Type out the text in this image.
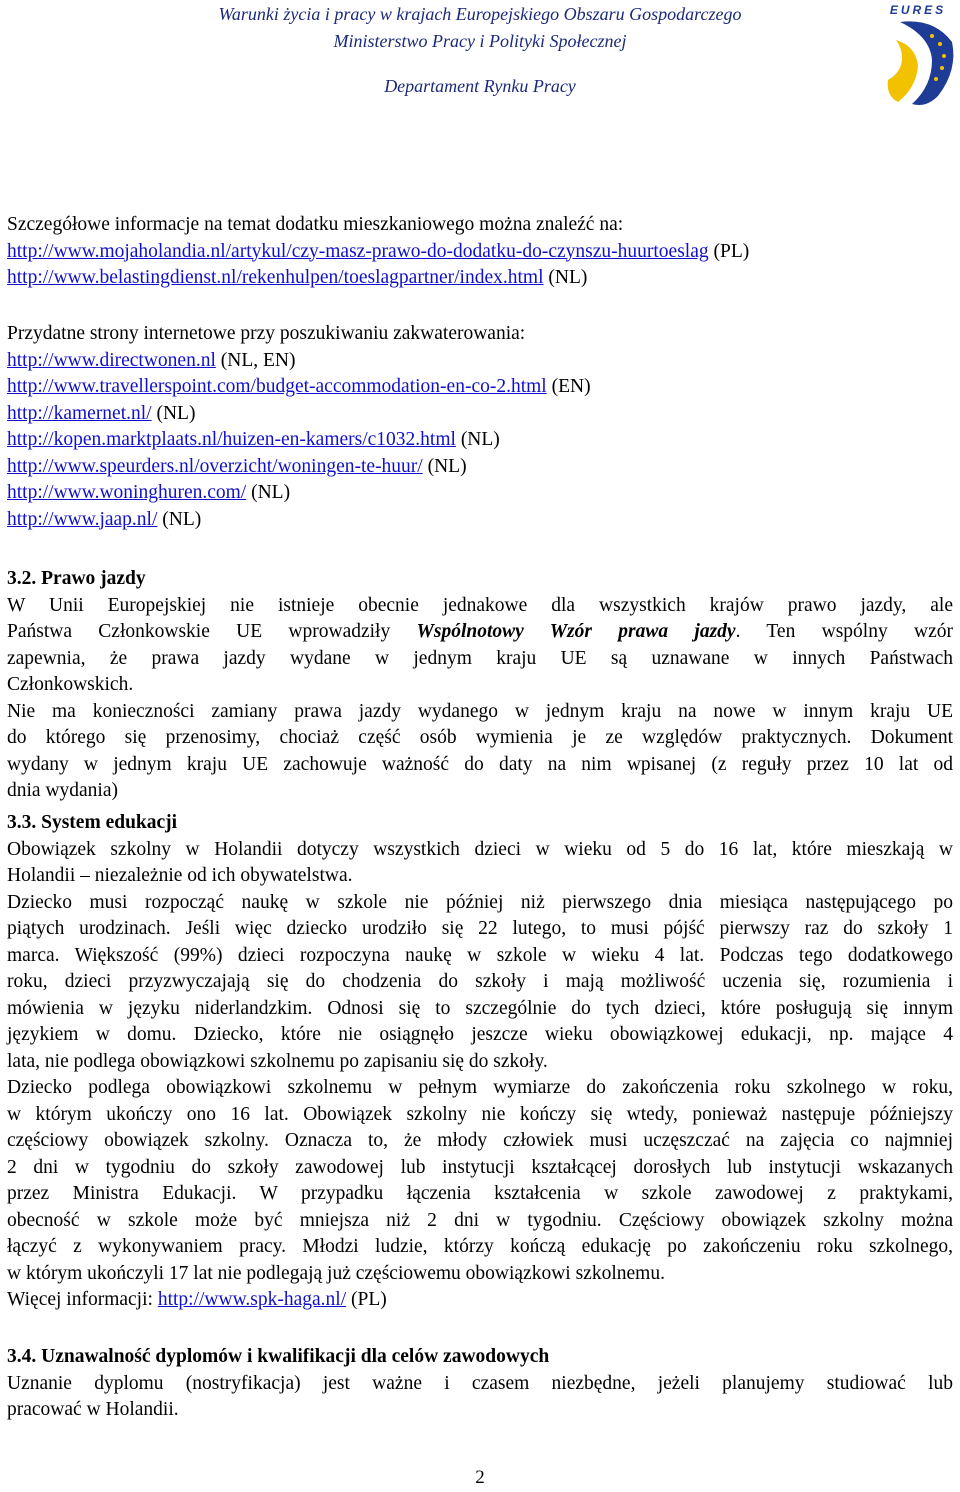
Warunki życia i pracy w krajach Europejskiego Obszaru Gospodarczego
Ministerstwo Pracy i Polityki Społecznej
Departament Rynku Pracy
EURES
Szczegółowe informacje na temat dodatku mieszkaniowego można znaleźć na:
http://www.mojaholandia.nl/artykul/czy-masz-prawo-do-dodatku-do-czynszu-huurtoeslag (PL)
http://www.belastingdienst.nl/rekenhulpen/toeslagpartner/index.html (NL)
Przydatne strony internetowe przy poszukiwaniu zakwaterowania:
http://www.directwonen.nl (NL, EN)
http://www.travellerspoint.com/budget-accommodation-en-co-2.html (EN)
http://kamernet.nl/ (NL)
http://kopen.marktplaats.nl/huizen-en-kamers/c1032.html (NL)
http://www.speurders.nl/overzicht/woningen-te-huur/ (NL)
http://www.woninghuren.com/ (NL)
http://www.jaap.nl/ (NL)
3.2. Prawo jazdy
W Unii Europejskiej nie istnieje obecnie jednakowe dla wszystkich krajów prawo jazdy, ale
Państwa Członkowskie UE wprowadziły Wspólnotowy Wzór prawa jazdy. Ten wspólny wzór
zapewnia, że prawa jazdy wydane w jednym kraju UE są uznawane w innych Państwach
Członkowskich.
Nie ma konieczności zamiany prawa jazdy wydanego w jednym kraju na nowe w innym kraju UE
do którego się przenosimy, chociaż część osób wymienia je ze względów praktycznych. Dokument
wydany w jednym kraju UE zachowuje ważność do daty na nim wpisanej (z reguły przez 10 lat od
dnia wydania)
3.3. System edukacji
Obowiązek szkolny w Holandii dotyczy wszystkich dzieci w wieku od 5 do 16 lat, które mieszkają w
Holandii – niezależnie od ich obywatelstwa.
Dziecko musi rozpocząć naukę w szkole nie później niż pierwszego dnia miesiąca następującego po
piątych urodzinach. Jeśli więc dziecko urodziło się 22 lutego, to musi pójść pierwszy raz do szkoły 1
marca. Większość (99%) dzieci rozpoczyna naukę w szkole w wieku 4 lat. Podczas tego dodatkowego
roku, dzieci przyzwyczajają się do chodzenia do szkoły i mają możliwość uczenia się, rozumienia i
mówienia w języku niderlandzkim. Odnosi się to szczególnie do tych dzieci, które posługują się innym
językiem w domu. Dziecko, które nie osiągnęło jeszcze wieku obowiązkowej edukacji, np. mające 4
lata, nie podlega obowiązkowi szkolnemu po zapisaniu się do szkoły.
Dziecko podlega obowiązkowi szkolnemu w pełnym wymiarze do zakończenia roku szkolnego w roku,
w którym ukończy ono 16 lat. Obowiązek szkolny nie kończy się wtedy, ponieważ następuje późniejszy
częściowy obowiązek szkolny. Oznacza to, że młody człowiek musi uczęszczać na zajęcia co najmniej
2 dni w tygodniu do szkoły zawodowej lub instytucji kształcącej dorosłych lub instytucji wskazanych
przez Ministra Edukacji. W przypadku łączenia kształcenia w szkole zawodowej z praktykami,
obecność w szkole może być mniejsza niż 2 dni w tygodniu. Częściowy obowiązek szkolny można
łączyć z wykonywaniem pracy. Młodzi ludzie, którzy kończą edukację po zakończeniu roku szkolnego,
w którym ukończyli 17 lat nie podlegają już częściowemu obowiązkowi szkolnemu.
Więcej informacji: http://www.spk-haga.nl/ (PL)
3.4. Uznawalność dyplomów i kwalifikacji dla celów zawodowych
Uznanie dyplomu (nostryfikacja) jest ważne i czasem niezbędne, jeżeli planujemy studiować lub
pracować w Holandii.
2
